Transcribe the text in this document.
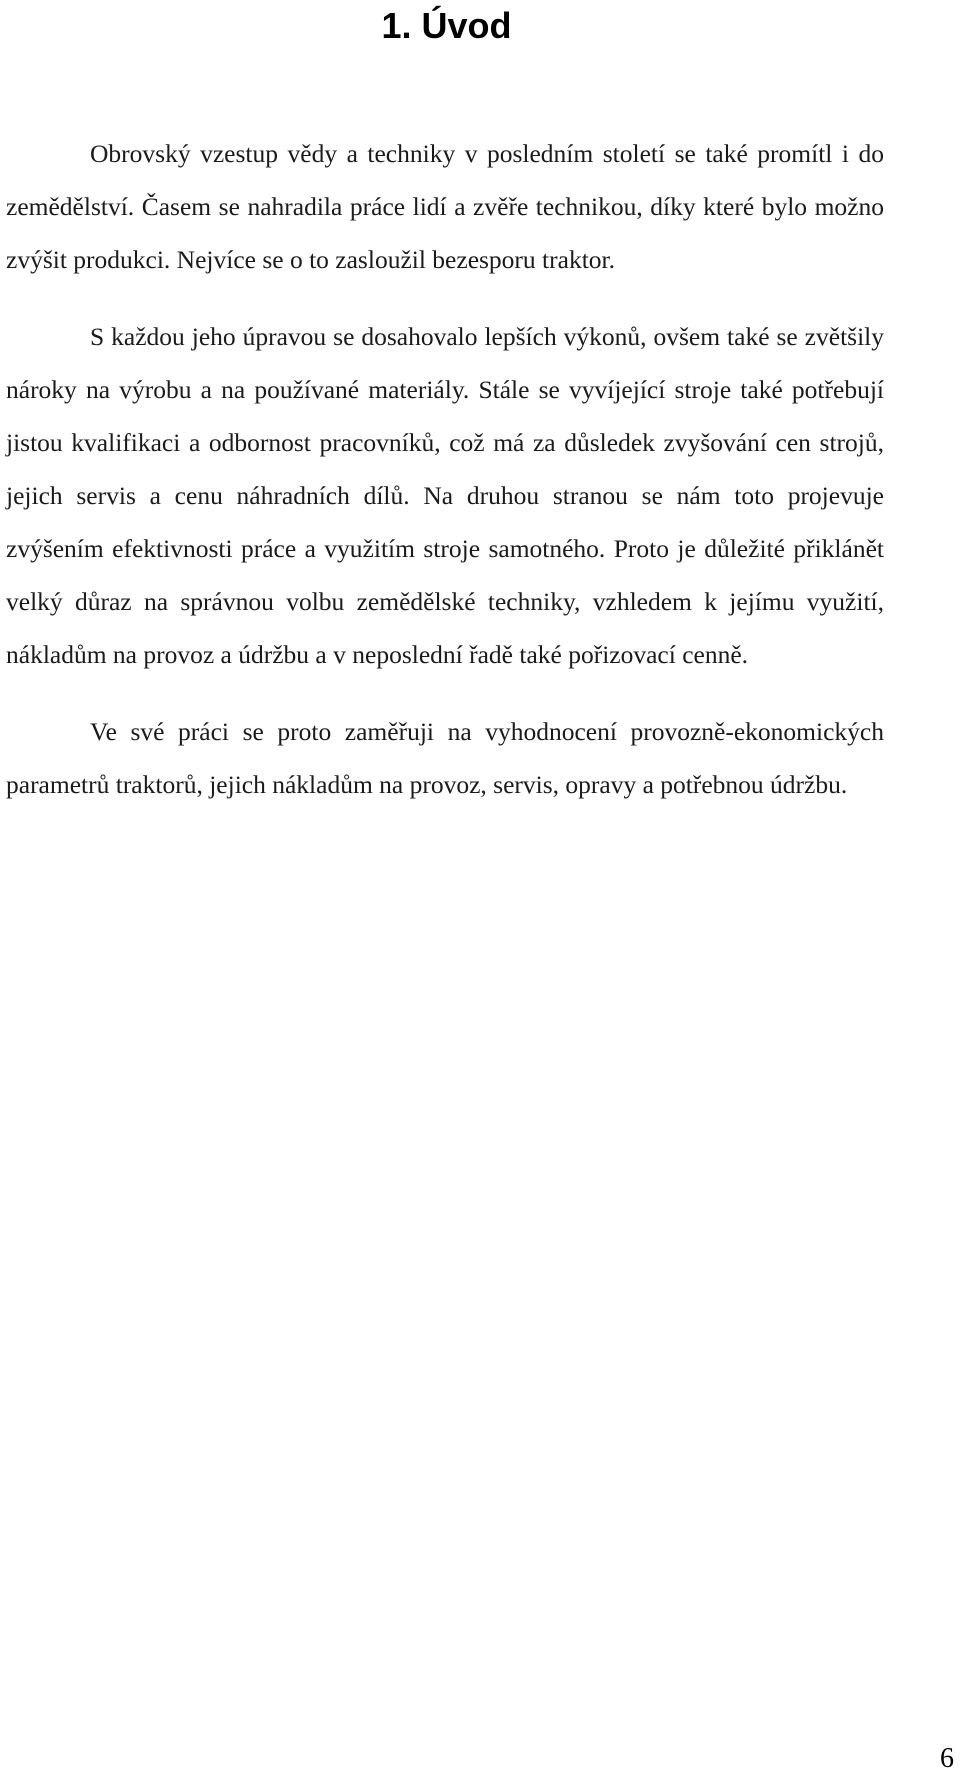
1. Úvod

Obrovský vzestup vědy a techniky v posledním století se také promítl i do zemědělství. Časem se nahradila práce lidí a zvěře technikou, díky které bylo možno zvýšit produkci. Nejvíce se o to zasloužil bezesporu traktor.

S každou jeho úpravou se dosahovalo lepších výkonů, ovšem také se zvětšily nároky na výrobu a na používané materiály. Stále se vyvíjející stroje také potřebují jistou kvalifikaci a odbornost pracovníků, což má za důsledek zvyšování cen strojů, jejich servis a cenu náhradních dílů. Na druhou stranou se nám toto projevuje zvýšením efektivnosti práce a využitím stroje samotného. Proto je důležité přiklánět velký důraz na správnou volbu zemědělské techniky, vzhledem k jejímu využití, nákladům na provoz a údržbu a v neposlední řadě také pořizovací cenně.

Ve své práci se proto zaměřuji na vyhodnocení provozně-ekonomických parametrů traktorů, jejich nákladům na provoz, servis, opravy a potřebnou údržbu.

6
